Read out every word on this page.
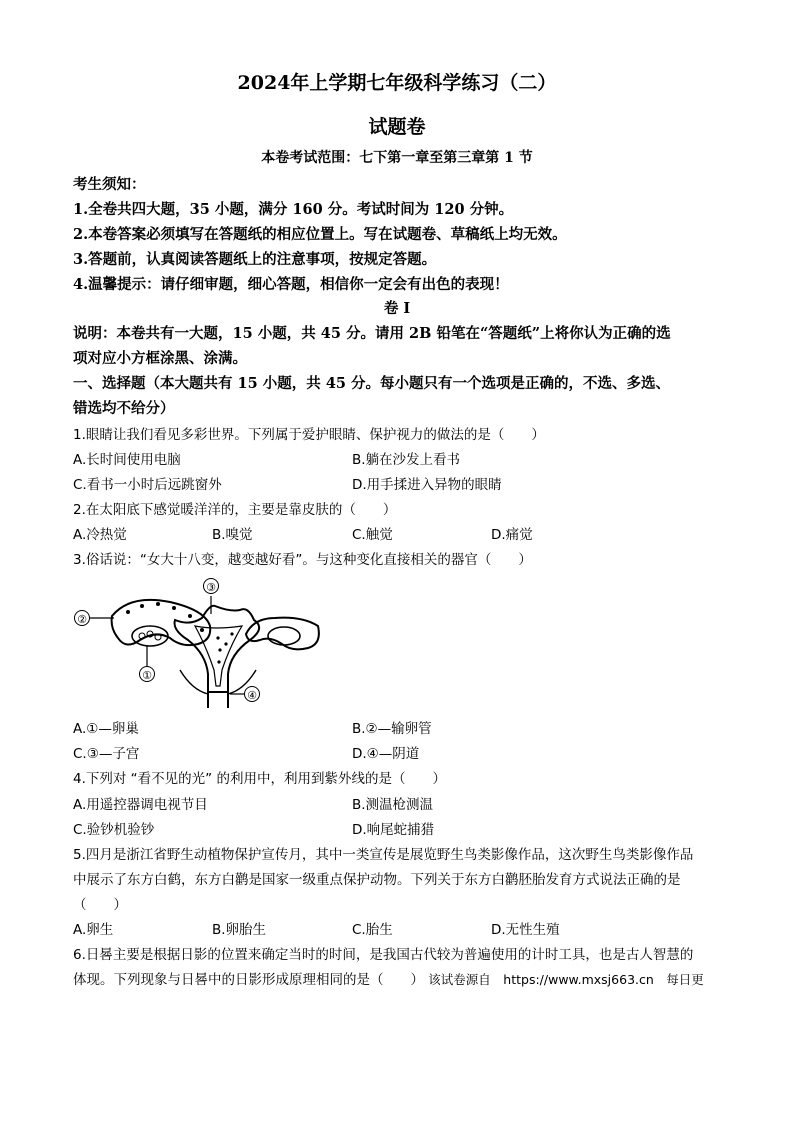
2024年上学期七年级科学练习（二）
试题卷
本卷考试范围：七下第一章至第三章第 1 节
考生须知：
1.全卷共四大题，35 小题，满分 160 分。考试时间为 120 分钟。
2.本卷答案必须填写在答题纸的相应位置上。写在试题卷、草稿纸上均无效。
3.答题前，认真阅读答题纸上的注意事项，按规定答题。
4.温馨提示：请仔细审题，细心答题，相信你一定会有出色的表现！
卷 I
说明：本卷共有一大题，15 小题，共 45 分。请用 2B 铅笔在“答题纸”上将你认为正确的选
项对应小方框涂黑、涂满。
一、选择题（本大题共有 15 小题，共 45 分。每小题只有一个选项是正确的，不选、多选、
错选均不给分）
1.眼睛让我们看见多彩世界。下列属于爱护眼睛、保护视力的做法的是（　　）
A.长时间使用电脑	B.躺在沙发上看书
C.看书一小时后远跳窗外	D.用手揉进入异物的眼睛
2.在太阳底下感觉暖洋洋的，主要是靠皮肤的（　　）
A.冷热觉	B.嗅觉	C.触觉	D.痛觉
3.俗话说：“女大十八变，越变越好看”。与这种变化直接相关的器官（　　）
②
③
①
④
A.①—卵巢	B.②—输卵管
C.③—子宫	D.④—阴道
4.下列对 “看不见的光” 的利用中，利用到紫外线的是（　　）
A.用遥控器调电视节目	B.测温枪测温
C.验钞机验钞	D.响尾蛇捕猎
5.四月是浙江省野生动植物保护宣传月，其中一类宣传是展览野生鸟类影像作品，这次野生鸟类影像作品
中展示了东方白鹤，东方白鹳是国家一级重点保护动物。下列关于东方白鹳胚胎发育方式说法正确的是
（　　）
A.卵生	B.卵胎生	C.胎生	D.无性生殖
6.日晷主要是根据日影的位置来确定当时的时间，是我国古代较为普遍使用的计时工具，也是古人智慧的
体现。下列现象与日晷中的日影形成原理相同的是（　　） 该试卷源自　https://www.mxsj663.cn　每日更
